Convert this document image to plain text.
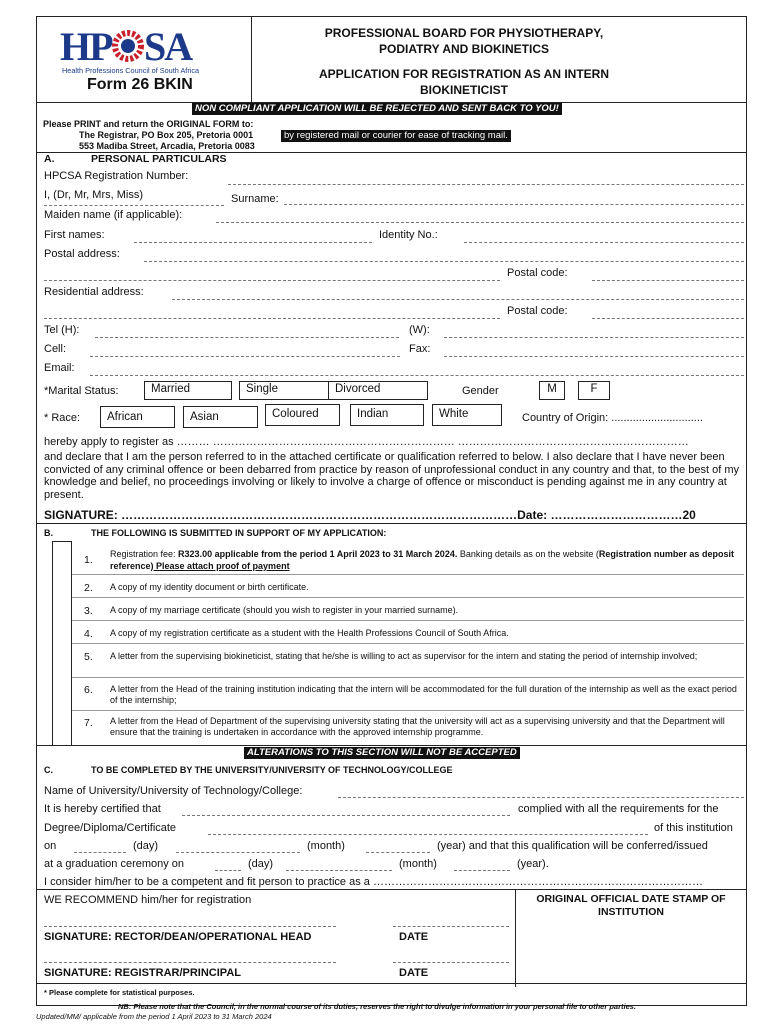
HP SA
Health Professions Council of South Africa
Form 26 BKIN
PROFESSIONAL BOARD FOR PHYSIOTHERAPY,
PODIATRY AND BIOKINETICS
APPLICATION FOR REGISTRATION AS AN INTERN
BIOKINETICIST
NON COMPLIANT APPLICATION WILL BE REJECTED AND SENT BACK TO YOU!
Please PRINT and return the ORIGINAL FORM to:
The Registrar, PO Box 205, Pretoria 0001	by registered mail or courier for ease of tracking mail.
553 Madiba Street, Arcadia, Pretoria 0083
A.	PERSONAL PARTICULARS
HPCSA Registration Number:
I, (Dr, Mr, Mrs, Miss)	Surname:
Maiden name (if applicable):
First names:	Identity No.:
Postal address:
Postal code:
Residential address:
Postal code:
Tel (H):	(W):
Cell:	Fax:
Email:
*Marital Status:	Married	Single	Divorced	Gender	M	F
* Race:	African	Asian	Coloured	Indian	White	Country of Origin: ..............................
hereby apply to register as ……… ………………………………………………………… ………………………………………………………
and declare that I am the person referred to in the attached certificate or qualification referred to below. I also declare that I have never been convicted of any criminal offence or been debarred from practice by reason of unprofessional conduct in any country and that, to the best of my knowledge and belief, no proceedings involving or likely to involve a charge of offence or misconduct is pending against me in any country at present.
SIGNATURE: ………………………………………………………………………………………Date: ……………………………20
B.	THE FOLLOWING IS SUBMITTED IN SUPPORT OF MY APPLICATION:
1. Registration fee: R323.00 applicable from the period 1 April 2023 to 31 March 2024. Banking details as on the website (Registration number as deposit reference) Please attach proof of payment
2. A copy of my identity document or birth certificate.
3. A copy of my marriage certificate (should you wish to register in your married surname).
4. A copy of my registration certificate as a student with the Health Professions Council of South Africa.
5. A letter from the supervising biokineticist, stating that he/she is willing to act as supervisor for the intern and stating the period of internship involved;
6. A letter from the Head of the training institution indicating that the intern will be accommodated for the full duration of the internship as well as the exact period of the internship;
7. A letter from the Head of Department of the supervising university stating that the university will act as a supervising university and that the Department will ensure that the training is undertaken in accordance with the approved internship programme.
ALTERATIONS TO THIS SECTION WILL NOT BE ACCEPTED
C.	TO BE COMPLETED BY THE UNIVERSITY/UNIVERSITY OF TECHNOLOGY/COLLEGE
Name of University/University of Technology/College:
It is hereby certified that	complied with all the requirements for the
Degree/Diploma/Certificate	of this institution
on	(day)	(month)	(year) and that this qualification will be conferred/issued
at a graduation ceremony on	(day)	(month)	(year).
I consider him/her to be a competent and fit person to practice as a ………………………………………………………………………………
WE RECOMMEND him/her for registration	ORIGINAL OFFICIAL DATE STAMP OF INSTITUTION
SIGNATURE: RECTOR/DEAN/OPERATIONAL HEAD	DATE
SIGNATURE: REGISTRAR/PRINCIPAL	DATE
* Please complete for statistical purposes.
NB: Please note that the Council, in the normal course of its duties, reserves the right to divulge information in your personal file to other parties.
Updated/MM/ applicable from the period 1 April 2023 to 31 March 2024
